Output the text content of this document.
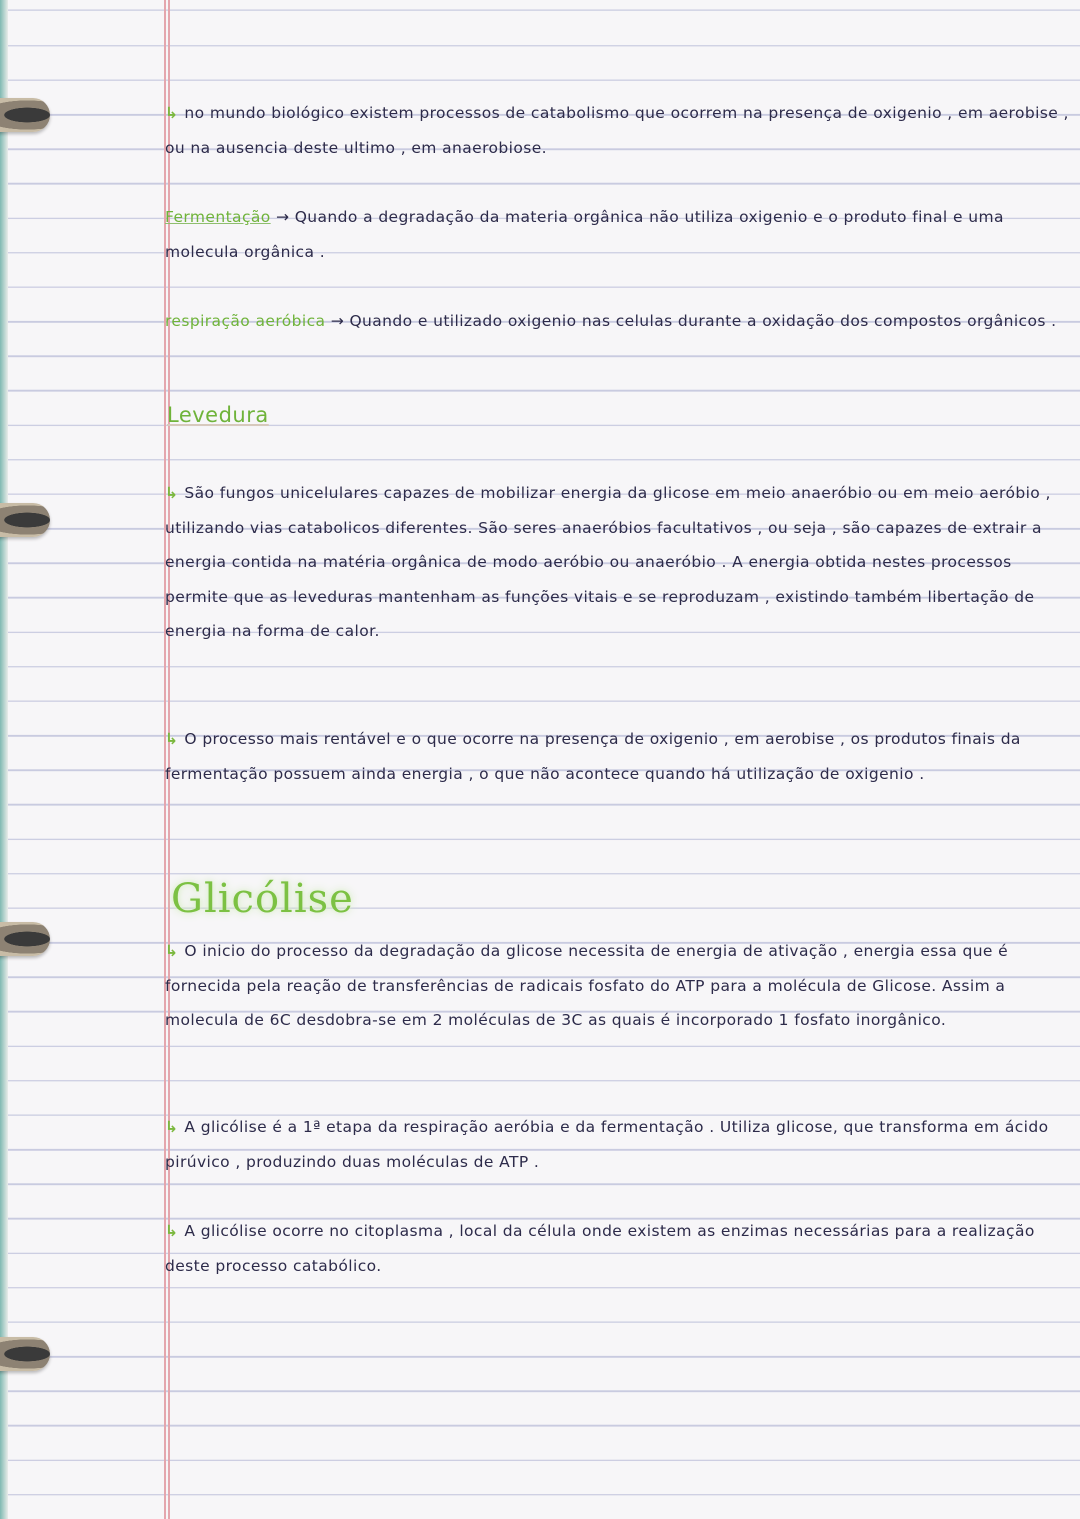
↳ no mundo biológico existem processos de catabolismo que ocorrem na presença de oxigenio , em aerobise , ou na ausencia deste ultimo , em anaerobiose.
Fermentação → Quando a degradação da materia orgânica não utiliza oxigenio e o produto final e uma molecula orgânica .
respiração aeróbica → Quando e utilizado oxigenio nas celulas durante a oxidação dos compostos orgânicos .
Levedura
↳ São fungos unicelulares capazes de mobilizar energia da glicose em meio anaeróbio ou em meio aeróbio , utilizando vias catabolicos diferentes. São seres anaeróbios facultativos , ou seja , são capazes de extrair a energia contida na matéria orgânica de modo aeróbio ou anaeróbio . A energia obtida nestes processos permite que as leveduras mantenham as funções vitais e se reproduzam , existindo também libertação de energia na forma de calor.
↳ O processo mais rentável e o que ocorre na presença de oxigenio , em aerobise , os produtos finais da fermentação possuem ainda energia , o que não acontece quando há utilização de oxigenio .
Glicólise
↳ O inicio do processo da degradação da glicose necessita de energia de ativação , energia essa que é fornecida pela reação de transferências de radicais fosfato do ATP para a molécula de Glicose. Assim a molecula de 6C desdobra-se em 2 moléculas de 3C as quais é incorporado 1 fosfato inorgânico.
↳ A glicólise é a 1ª etapa da respiração aeróbia e da fermentação . Utiliza glicose, que transforma em ácido pirúvico , produzindo duas moléculas de ATP .
↳ A glicólise ocorre no citoplasma , local da célula onde existem as enzimas necessárias para a realização deste processo catabólico.
